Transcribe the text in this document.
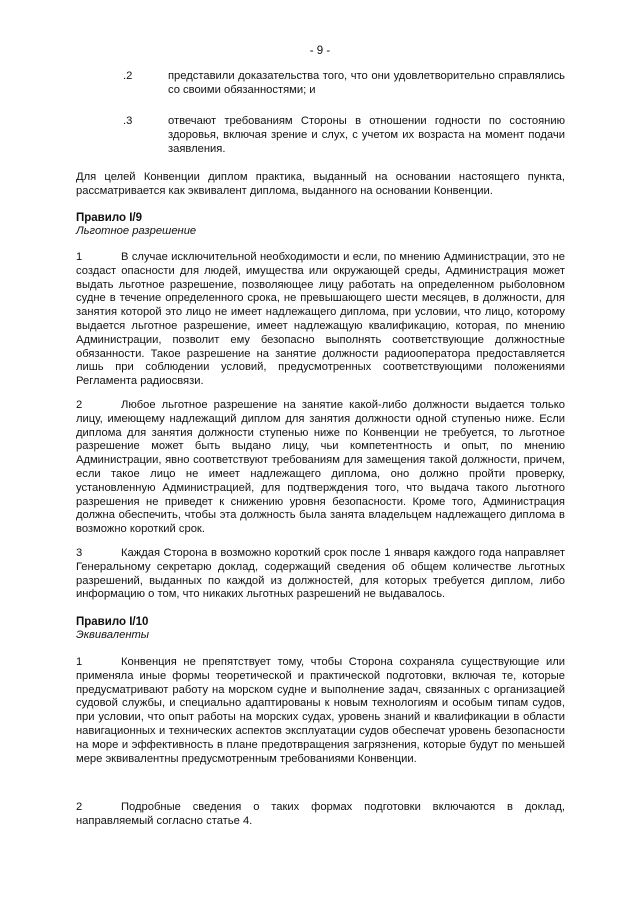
- 9 -
.2	представили доказательства того, что они удовлетворительно справлялись со своими обязанностями; и
.3	отвечают требованиям Стороны в отношении годности по состоянию здоровья, включая зрение и слух, с учетом их возраста на момент подачи заявления.

Для целей Конвенции диплом практика, выданный на основании настоящего пункта, рассматривается как эквивалент диплома, выданного на основании Конвенции.

Правило I/9
Льготное разрешение
1	В случае исключительной необходимости и если, по мнению Администрации, это не создаст опасности для людей, имущества или окружающей среды, Администрация может выдать льготное разрешение, позволяющее лицу работать на определенном рыболовном судне в течение определенного срока, не превышающего шести месяцев, в должности, для занятия которой это лицо не имеет надлежащего диплома, при условии, что лицо, которому выдается льготное разрешение, имеет надлежащую квалификацию, которая, по мнению Администрации, позволит ему безопасно выполнять соответствующие должностные обязанности. Такое разрешение на занятие должности радиооператора предоставляется лишь при соблюдении условий, предусмотренных соответствующими положениями Регламента радиосвязи.
2	Любое льготное разрешение на занятие какой-либо должности выдается только лицу, имеющему надлежащий диплом для занятия должности одной ступенью ниже. Если диплома для занятия должности ступенью ниже по Конвенции не требуется, то льготное разрешение может быть выдано лицу, чьи компетентность и опыт, по мнению Администрации, явно соответствуют требованиям для замещения такой должности, причем, если такое лицо не имеет надлежащего диплома, оно должно пройти проверку, установленную Администрацией, для подтверждения того, что выдача такого льготного разрешения не приведет к снижению уровня безопасности. Кроме того, Администрация должна обеспечить, чтобы эта должность была занята владельцем надлежащего диплома в возможно короткий срок.
3	Каждая Сторона в возможно короткий срок после 1 января каждого года направляет Генеральному секретарю доклад, содержащий сведения об общем количестве льготных разрешений, выданных по каждой из должностей, для которых требуется диплом, либо информацию о том, что никаких льготных разрешений не выдавалось.
Правило I/10
Эквиваленты
1	Конвенция не препятствует тому, чтобы Сторона сохраняла существующие или применяла иные формы теоретической и практической подготовки, включая те, которые предусматривают работу на морском судне и выполнение задач, связанных с организацией судовой службы, и специально адаптированы к новым технологиям и особым типам судов, при условии, что опыт работы на морских судах, уровень знаний и квалификации в области навигационных и технических аспектов эксплуатации судов обеспечат уровень безопасности на море и эффективность в плане предотвращения загрязнения, которые будут по меньшей мере эквивалентны предусмотренным требованиями Конвенции.
2	Подробные сведения о таких формах подготовки включаются в доклад, направляемый согласно статье 4.
